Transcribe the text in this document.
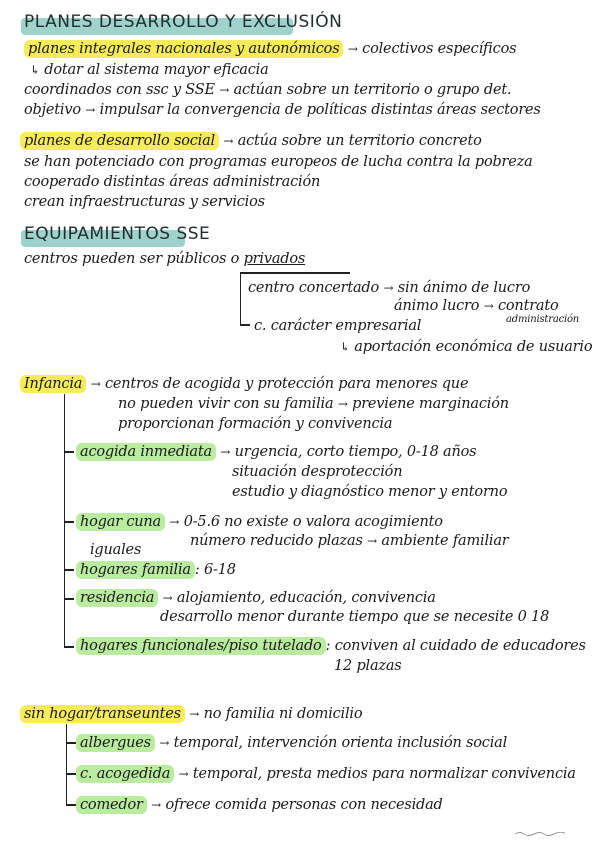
PLANES DESARROLLO Y EXCLUSIÓN
planes integrales nacionales y autonómicos → colectivos específicos
↳ dotar al sistema mayor eficacia
coordinados con ssc y SSE → actúan sobre un territorio o grupo det.
objetivo → impulsar la convergencia de políticas distintas áreas sectores
planes de desarrollo social → actúa sobre un territorio concreto
se han potenciado con programas europeos de lucha contra la pobreza
cooperado distintas áreas administración
crean infraestructuras y servicios
EQUIPAMIENTOS SSE
centros pueden ser públicos o privados
centro concertado → sin ánimo de lucro
ánimo lucro → contrato
administración
c. carácter empresarial
↳ aportación económica de usuario
Infancia → centros de acogida y protección para menores que
no pueden vivir con su familia → previene marginación
proporcionan formación y convivencia
acogida inmediata → urgencia, corto tiempo, 0-18 años
situación desprotección
estudio y diagnóstico menor y entorno
hogar cuna → 0-5.6 no existe o valora acogimiento
número reducido plazas → ambiente familiar
iguales
hogares familia : 6-18
residencia → alojamiento, educación, convivencia
desarrollo menor durante tiempo que se necesite 0 18
hogares funcionales/piso tutelado : conviven al cuidado de educadores
12 plazas
sin hogar/transeuntes → no familia ni domicilio
albergues → temporal, intervención orienta inclusión social
c. acogedida → temporal, presta medios para normalizar convivencia
comedor → ofrece comida personas con necesidad
